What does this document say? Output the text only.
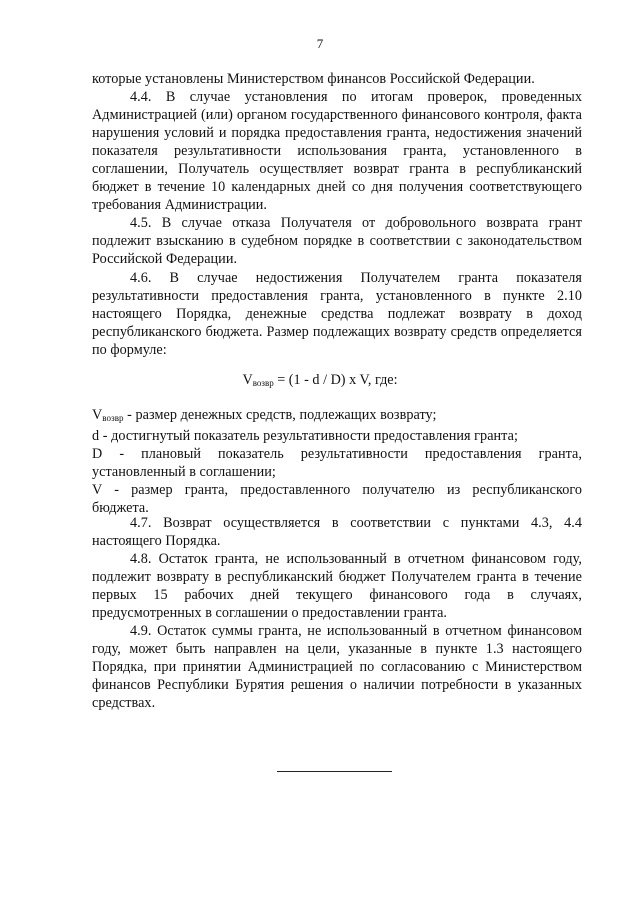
7

которые установлены Министерством финансов Российской Федерации.

4.4. В случае установления по итогам проверок, проведенных Администрацией (или) органом государственного финансового контроля, факта нарушения условий и порядка предоставления гранта, недостижения значений показателя результативности использования гранта, установленного в соглашении, Получатель осуществляет возврат гранта в республиканский бюджет в течение 10 календарных дней со дня получения соответствующего требования Администрации.

4.5. В случае отказа Получателя от добровольного возврата грант подлежит взысканию в судебном порядке в соответствии с законодательством Российской Федерации.

4.6. В случае недостижения Получателем гранта показателя результативности предоставления гранта, установленного в пункте 2.10 настоящего Порядка, денежные средства подлежат возврату в доход республиканского бюджета. Размер подлежащих возврату средств определяется по формуле:

$V_{возвр} = (1 - d / D)$ x V, где:

$V_{возвр}$ - размер денежных средств, подлежащих возврату;

d - достигнутый показатель результативности предоставления гранта;

D - плановый показатель результативности предоставления гранта, установленный в соглашении;

V - размер гранта, предоставленного получателю из республиканского бюджета.

4.7. Возврат осуществляется в соответствии с пунктами 4.3, 4.4 настоящего Порядка.

4.8. Остаток гранта, не использованный в отчетном финансовом году, подлежит возврату в республиканский бюджет Получателем гранта в течение первых 15 рабочих дней текущего финансового года в случаях, предусмотренных в соглашении о предоставлении гранта.

4.9. Остаток суммы гранта, не использованный в отчетном финансовом году, может быть направлен на цели, указанные в пункте 1.3 настоящего Порядка, при принятии Администрацией по согласованию с Министерством финансов Республики Бурятия решения о наличии потребности в указанных средствах.
